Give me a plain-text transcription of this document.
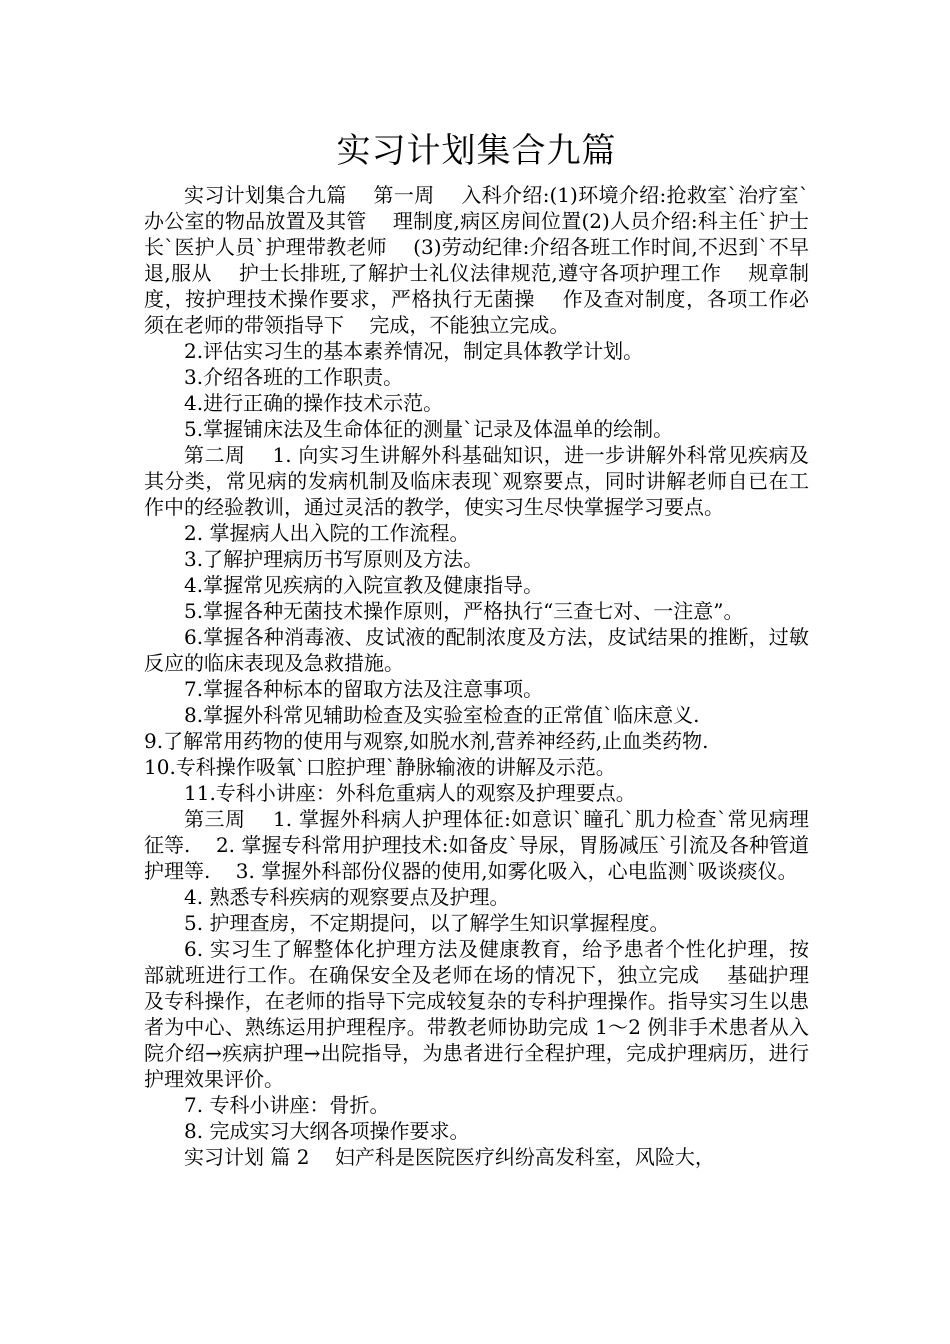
实习计划集合九篇

实习计划集合九篇    第一周    入科介绍:(1)环境介绍:抢救室`治疗室`办公室的物品放置及其管    理制度,病区房间位置(2)人员介绍:科主任`护士长`医护人员`护理带教老师    (3)劳动纪律:介绍各班工作时间,不迟到`不早退,服从    护士长排班,了解护士礼仪法律规范,遵守各项护理工作    规章制度，按护理技术操作要求，严格执行无菌操    作及查对制度，各项工作必须在老师的带领指导下    完成，不能独立完成。

2.评估实习生的基本素养情况，制定具体教学计划。

3.介绍各班的工作职责。

4.进行正确的操作技术示范。

5.掌握铺床法及生命体征的测量`记录及体温单的绘制。

第二周    1. 向实习生讲解外科基础知识，进一步讲解外科常见疾病及其分类，常见病的发病机制及临床表现`观察要点，同时讲解老师自已在工作中的经验教训，通过灵活的教学，使实习生尽快掌握学习要点。

2. 掌握病人出入院的工作流程。

3.了解护理病历书写原则及方法。

4.掌握常见疾病的入院宣教及健康指导。

5.掌握各种无菌技术操作原则，严格执行“三查七对、一注意”。

6.掌握各种消毒液、皮试液的配制浓度及方法，皮试结果的推断，过敏反应的临床表现及急救措施。

7.掌握各种标本的留取方法及注意事项。

8.掌握外科常见辅助检查及实验室检查的正常值`临床意义.

9.了解常用药物的使用与观察,如脱水剂,营养神经药,止血类药物.

10.专科操作吸氧`口腔护理`静脉输液的讲解及示范。

11.专科小讲座：外科危重病人的观察及护理要点。

第三周    1. 掌握外科病人护理体征:如意识`瞳孔`肌力检查`常见病理征等.    2. 掌握专科常用护理技术:如备皮`导尿，胃肠减压`引流及各种管道护理等.    3. 掌握外科部份仪器的使用,如雾化吸入，心电监测`吸谈痰仪。

4. 熟悉专科疾病的观察要点及护理。

5. 护理查房，不定期提问，以了解学生知识掌握程度。

6. 实习生了解整体化护理方法及健康教育，给予患者个性化护理，按部就班进行工作。在确保安全及老师在场的情况下，独立完成    基础护理及专科操作，在老师的指导下完成较复杂的专科护理操作。指导实习生以患者为中心、熟练运用护理程序。带教老师协助完成 1～2 例非手术患者从入院介绍→疾病护理→出院指导，为患者进行全程护理，完成护理病历，进行护理效果评价。

7. 专科小讲座：骨折。

8. 完成实习大纲各项操作要求。

实习计划 篇 2    妇产科是医院医疗纠纷高发科室，风险大，
